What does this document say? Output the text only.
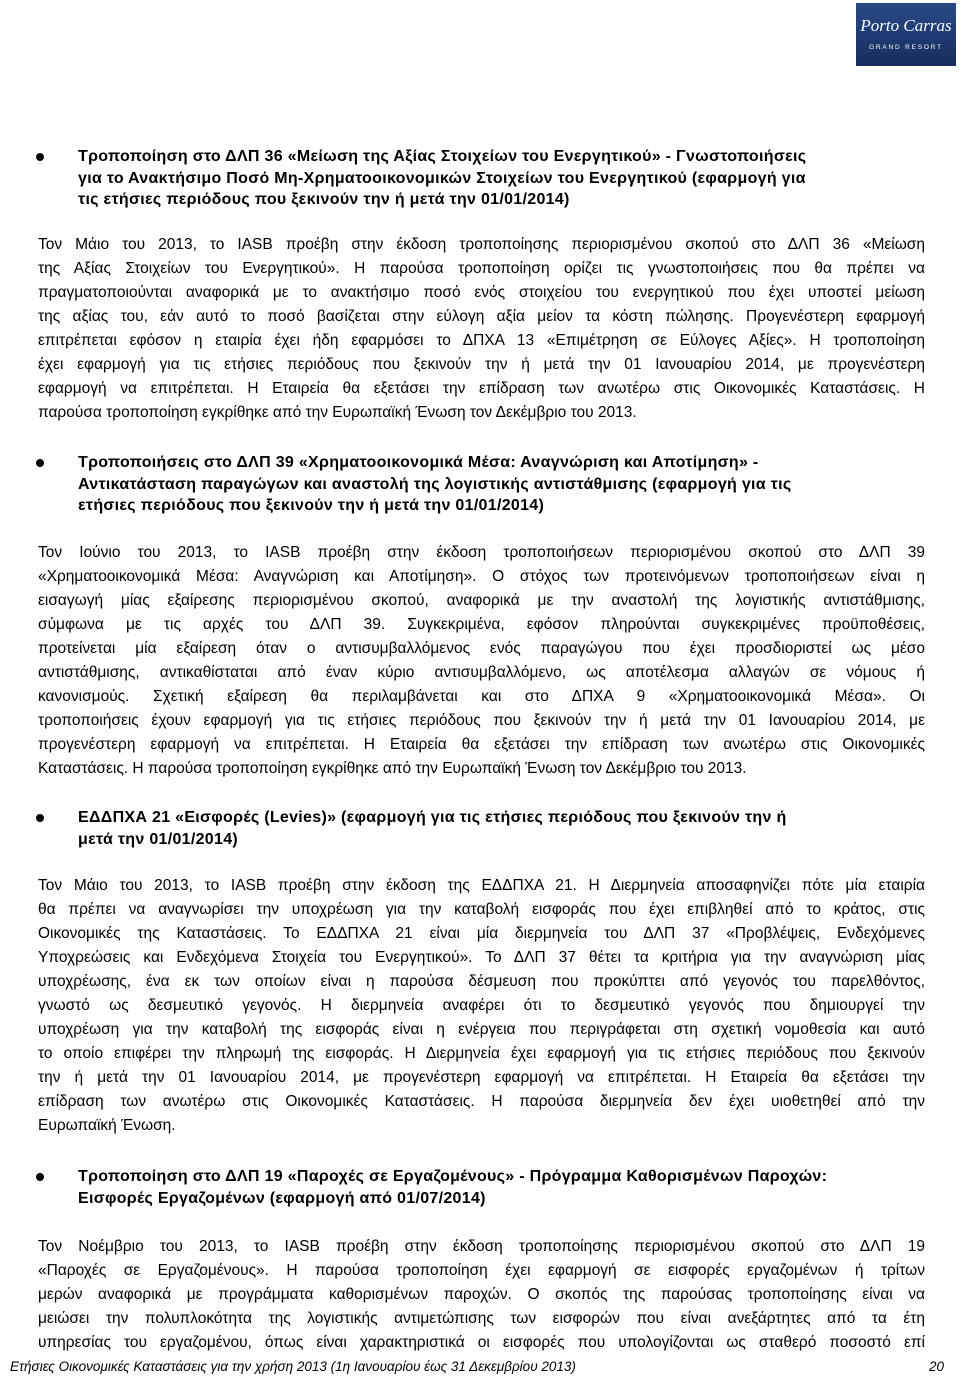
Porto Carras
GRAND RESORT
Τροποποίηση στο ΔΛΠ 36 «Μείωση της Αξίας Στοιχείων του Ενεργητικού» - Γνωστοποιήσεις
για το Ανακτήσιμο Ποσό Μη-Χρηματοοικονομικών Στοιχείων του Ενεργητικού (εφαρμογή για
τις ετήσιες περιόδους που ξεκινούν την ή μετά την 01/01/2014)
Τον Μάιο του 2013, το IASB προέβη στην έκδοση τροποποίησης περιορισμένου σκοπού στο ΔΛΠ 36 «Μείωση
της Αξίας Στοιχείων του Ενεργητικού». Η παρούσα τροποποίηση ορίζει τις γνωστοποιήσεις που θα πρέπει να
πραγματοποιούνται αναφορικά με το ανακτήσιμο ποσό ενός στοιχείου του ενεργητικού που έχει υποστεί μείωση
της αξίας του, εάν αυτό το ποσό βασίζεται στην εύλογη αξία μείον τα κόστη πώλησης. Προγενέστερη εφαρμογή
επιτρέπεται εφόσον η εταιρία έχει ήδη εφαρμόσει το ΔΠΧΑ 13 «Επιμέτρηση σε Εύλογες Αξίες». Η τροποποίηση
έχει εφαρμογή για τις ετήσιες περιόδους που ξεκινούν την ή μετά την 01 Ιανουαρίου 2014, με προγενέστερη
εφαρμογή να επιτρέπεται. Η Εταιρεία θα εξετάσει την επίδραση των ανωτέρω στις Οικονομικές Καταστάσεις. Η
παρούσα τροποποίηση εγκρίθηκε από την Ευρωπαϊκή Ένωση τον Δεκέμβριο του 2013.
Τροποποιήσεις στο ΔΛΠ 39 «Χρηματοοικονομικά Μέσα: Αναγνώριση και Αποτίμηση» -
Αντικατάσταση παραγώγων και αναστολή της λογιστικής αντιστάθμισης (εφαρμογή για τις
ετήσιες περιόδους που ξεκινούν την ή μετά την 01/01/2014)
Τον Ιούνιο του 2013, το IASB προέβη στην έκδοση τροποποιήσεων περιορισμένου σκοπού στο ΔΛΠ 39
«Χρηματοοικονομικά Μέσα: Αναγνώριση και Αποτίμηση». Ο στόχος των προτεινόμενων τροποποιήσεων είναι η
εισαγωγή μίας εξαίρεσης περιορισμένου σκοπού, αναφορικά με την αναστολή της λογιστικής αντιστάθμισης,
σύμφωνα με τις αρχές του ΔΛΠ 39. Συγκεκριμένα, εφόσον πληρούνται συγκεκριμένες προϋποθέσεις,
προτείνεται μία εξαίρεση όταν ο αντισυμβαλλόμενος ενός παραγώγου που έχει προσδιοριστεί ως μέσο
αντιστάθμισης, αντικαθίσταται από έναν κύριο αντισυμβαλλόμενο, ως αποτέλεσμα αλλαγών σε νόμους ή
κανονισμούς. Σχετική εξαίρεση θα περιλαμβάνεται και στο ΔΠΧΑ 9 «Χρηματοοικονομικά Μέσα». Οι
τροποποιήσεις έχουν εφαρμογή για τις ετήσιες περιόδους που ξεκινούν την ή μετά την 01 Ιανουαρίου 2014, με
προγενέστερη εφαρμογή να επιτρέπεται. Η Εταιρεία θα εξετάσει την επίδραση των ανωτέρω στις Οικονομικές
Καταστάσεις. Η παρούσα τροποποίηση εγκρίθηκε από την Ευρωπαϊκή Ένωση τον Δεκέμβριο του 2013.
ΕΔΔΠΧΑ 21 «Εισφορές (Levies)» (εφαρμογή για τις ετήσιες περιόδους που ξεκινούν την ή
μετά την 01/01/2014)
Τον Μάιο του 2013, το IASB προέβη στην έκδοση της ΕΔΔΠΧΑ 21. Η Διερμηνεία αποσαφηνίζει πότε μία εταιρία
θα πρέπει να αναγνωρίσει την υποχρέωση για την καταβολή εισφοράς που έχει επιβληθεί από το κράτος, στις
Οικονομικές της Καταστάσεις. Το ΕΔΔΠΧΑ 21 είναι μία διερμηνεία του ΔΛΠ 37 «Προβλέψεις, Ενδεχόμενες
Υποχρεώσεις και Ενδεχόμενα Στοιχεία του Ενεργητικού». Το ΔΛΠ 37 θέτει τα κριτήρια για την αναγνώριση μίας
υποχρέωσης, ένα εκ των οποίων είναι η παρούσα δέσμευση που προκύπτει από γεγονός του παρελθόντος,
γνωστό ως δεσμευτικό γεγονός. Η διερμηνεία αναφέρει ότι το δεσμευτικό γεγονός που δημιουργεί την
υποχρέωση για την καταβολή της εισφοράς είναι η ενέργεια που περιγράφεται στη σχετική νομοθεσία και αυτό
το οποίο επιφέρει την πληρωμή της εισφοράς. Η Διερμηνεία έχει εφαρμογή για τις ετήσιες περιόδους που ξεκινούν
την ή μετά την 01 Ιανουαρίου 2014, με προγενέστερη εφαρμογή να επιτρέπεται. Η Εταιρεία θα εξετάσει την
επίδραση των ανωτέρω στις Οικονομικές Καταστάσεις. Η παρούσα διερμηνεία δεν έχει υιοθετηθεί από την
Ευρωπαϊκή Ένωση.
Τροποποίηση στο ΔΛΠ 19 «Παροχές σε Εργαζομένους» - Πρόγραμμα Καθορισμένων Παροχών:
Εισφορές Εργαζομένων (εφαρμογή από 01/07/2014)
Τον Νοέμβριο του 2013, το IASB προέβη στην έκδοση τροποποίησης περιορισμένου σκοπού στο ΔΛΠ 19
«Παροχές σε Εργαζομένους». Η παρούσα τροποποίηση έχει εφαρμογή σε εισφορές εργαζομένων ή τρίτων
μερών αναφορικά με προγράμματα καθορισμένων παροχών. Ο σκοπός της παρούσας τροποποίησης είναι να
μειώσει την πολυπλοκότητα της λογιστικής αντιμετώπισης των εισφορών που είναι ανεξάρτητες από τα έτη
υπηρεσίας του εργαζομένου, όπως είναι χαρακτηριστικά οι εισφορές που υπολογίζονται ως σταθερό ποσοστό επί
Ετήσιες Οικονομικές Καταστάσεις για την χρήση 2013 (1η Ιανουαρίου έως 31 Δεκεμβρίου 2013)	20
